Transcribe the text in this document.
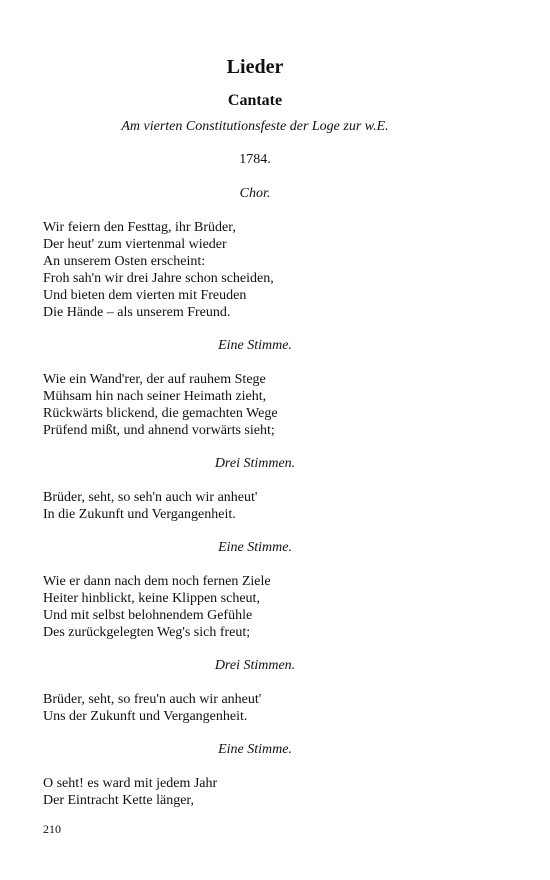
Lieder
Cantate
Am vierten Constitutionsfeste der Loge zur w.E.
1784.
Chor.
Wir feiern den Festtag, ihr Brüder,
Der heut' zum viertenmal wieder
An unserem Osten erscheint:
Froh sah'n wir drei Jahre schon scheiden,
Und bieten dem vierten mit Freuden
Die Hände – als unserem Freund.
Eine Stimme.
Wie ein Wand'rer, der auf rauhem Stege
Mühsam hin nach seiner Heimath zieht,
Rückwärts blickend, die gemachten Wege
Prüfend mißt, und ahnend vorwärts sieht;
Drei Stimmen.
Brüder, seht, so seh'n auch wir anheut'
In die Zukunft und Vergangenheit.
Eine Stimme.
Wie er dann nach dem noch fernen Ziele
Heiter hinblickt, keine Klippen scheut,
Und mit selbst belohnendem Gefühle
Des zurückgelegten Weg's sich freut;
Drei Stimmen.
Brüder, seht, so freu'n auch wir anheut'
Uns der Zukunft und Vergangenheit.
Eine Stimme.
O seht! es ward mit jedem Jahr
Der Eintracht Kette länger,
210
